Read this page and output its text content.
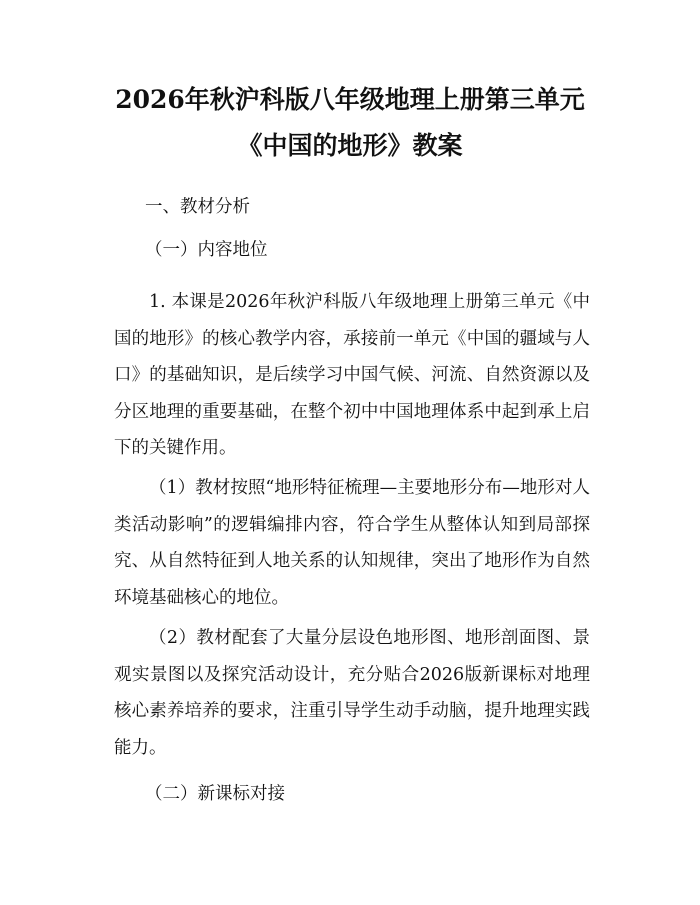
2026年秋沪科版八年级地理上册第三单元
《中国的地形》教案
一、教材分析
（一）内容地位

1. 本课是2026年秋沪科版八年级地理上册第三单元《中国的地形》的核心教学内容，承接前一单元《中国的疆域与人口》的基础知识，是后续学习中国气候、河流、自然资源以及分区地理的重要基础，在整个初中中国地理体系中起到承上启下的关键作用。

（1）教材按照“地形特征梳理—主要地形分布—地形对人类活动影响”的逻辑编排内容，符合学生从整体认知到局部探究、从自然特征到人地关系的认知规律，突出了地形作为自然环境基础核心的地位。

（2）教材配套了大量分层设色地形图、地形剖面图、景观实景图以及探究活动设计，充分贴合2026版新课标对地理核心素养培养的要求，注重引导学生动手动脑，提升地理实践能力。

（二）新课标对接
